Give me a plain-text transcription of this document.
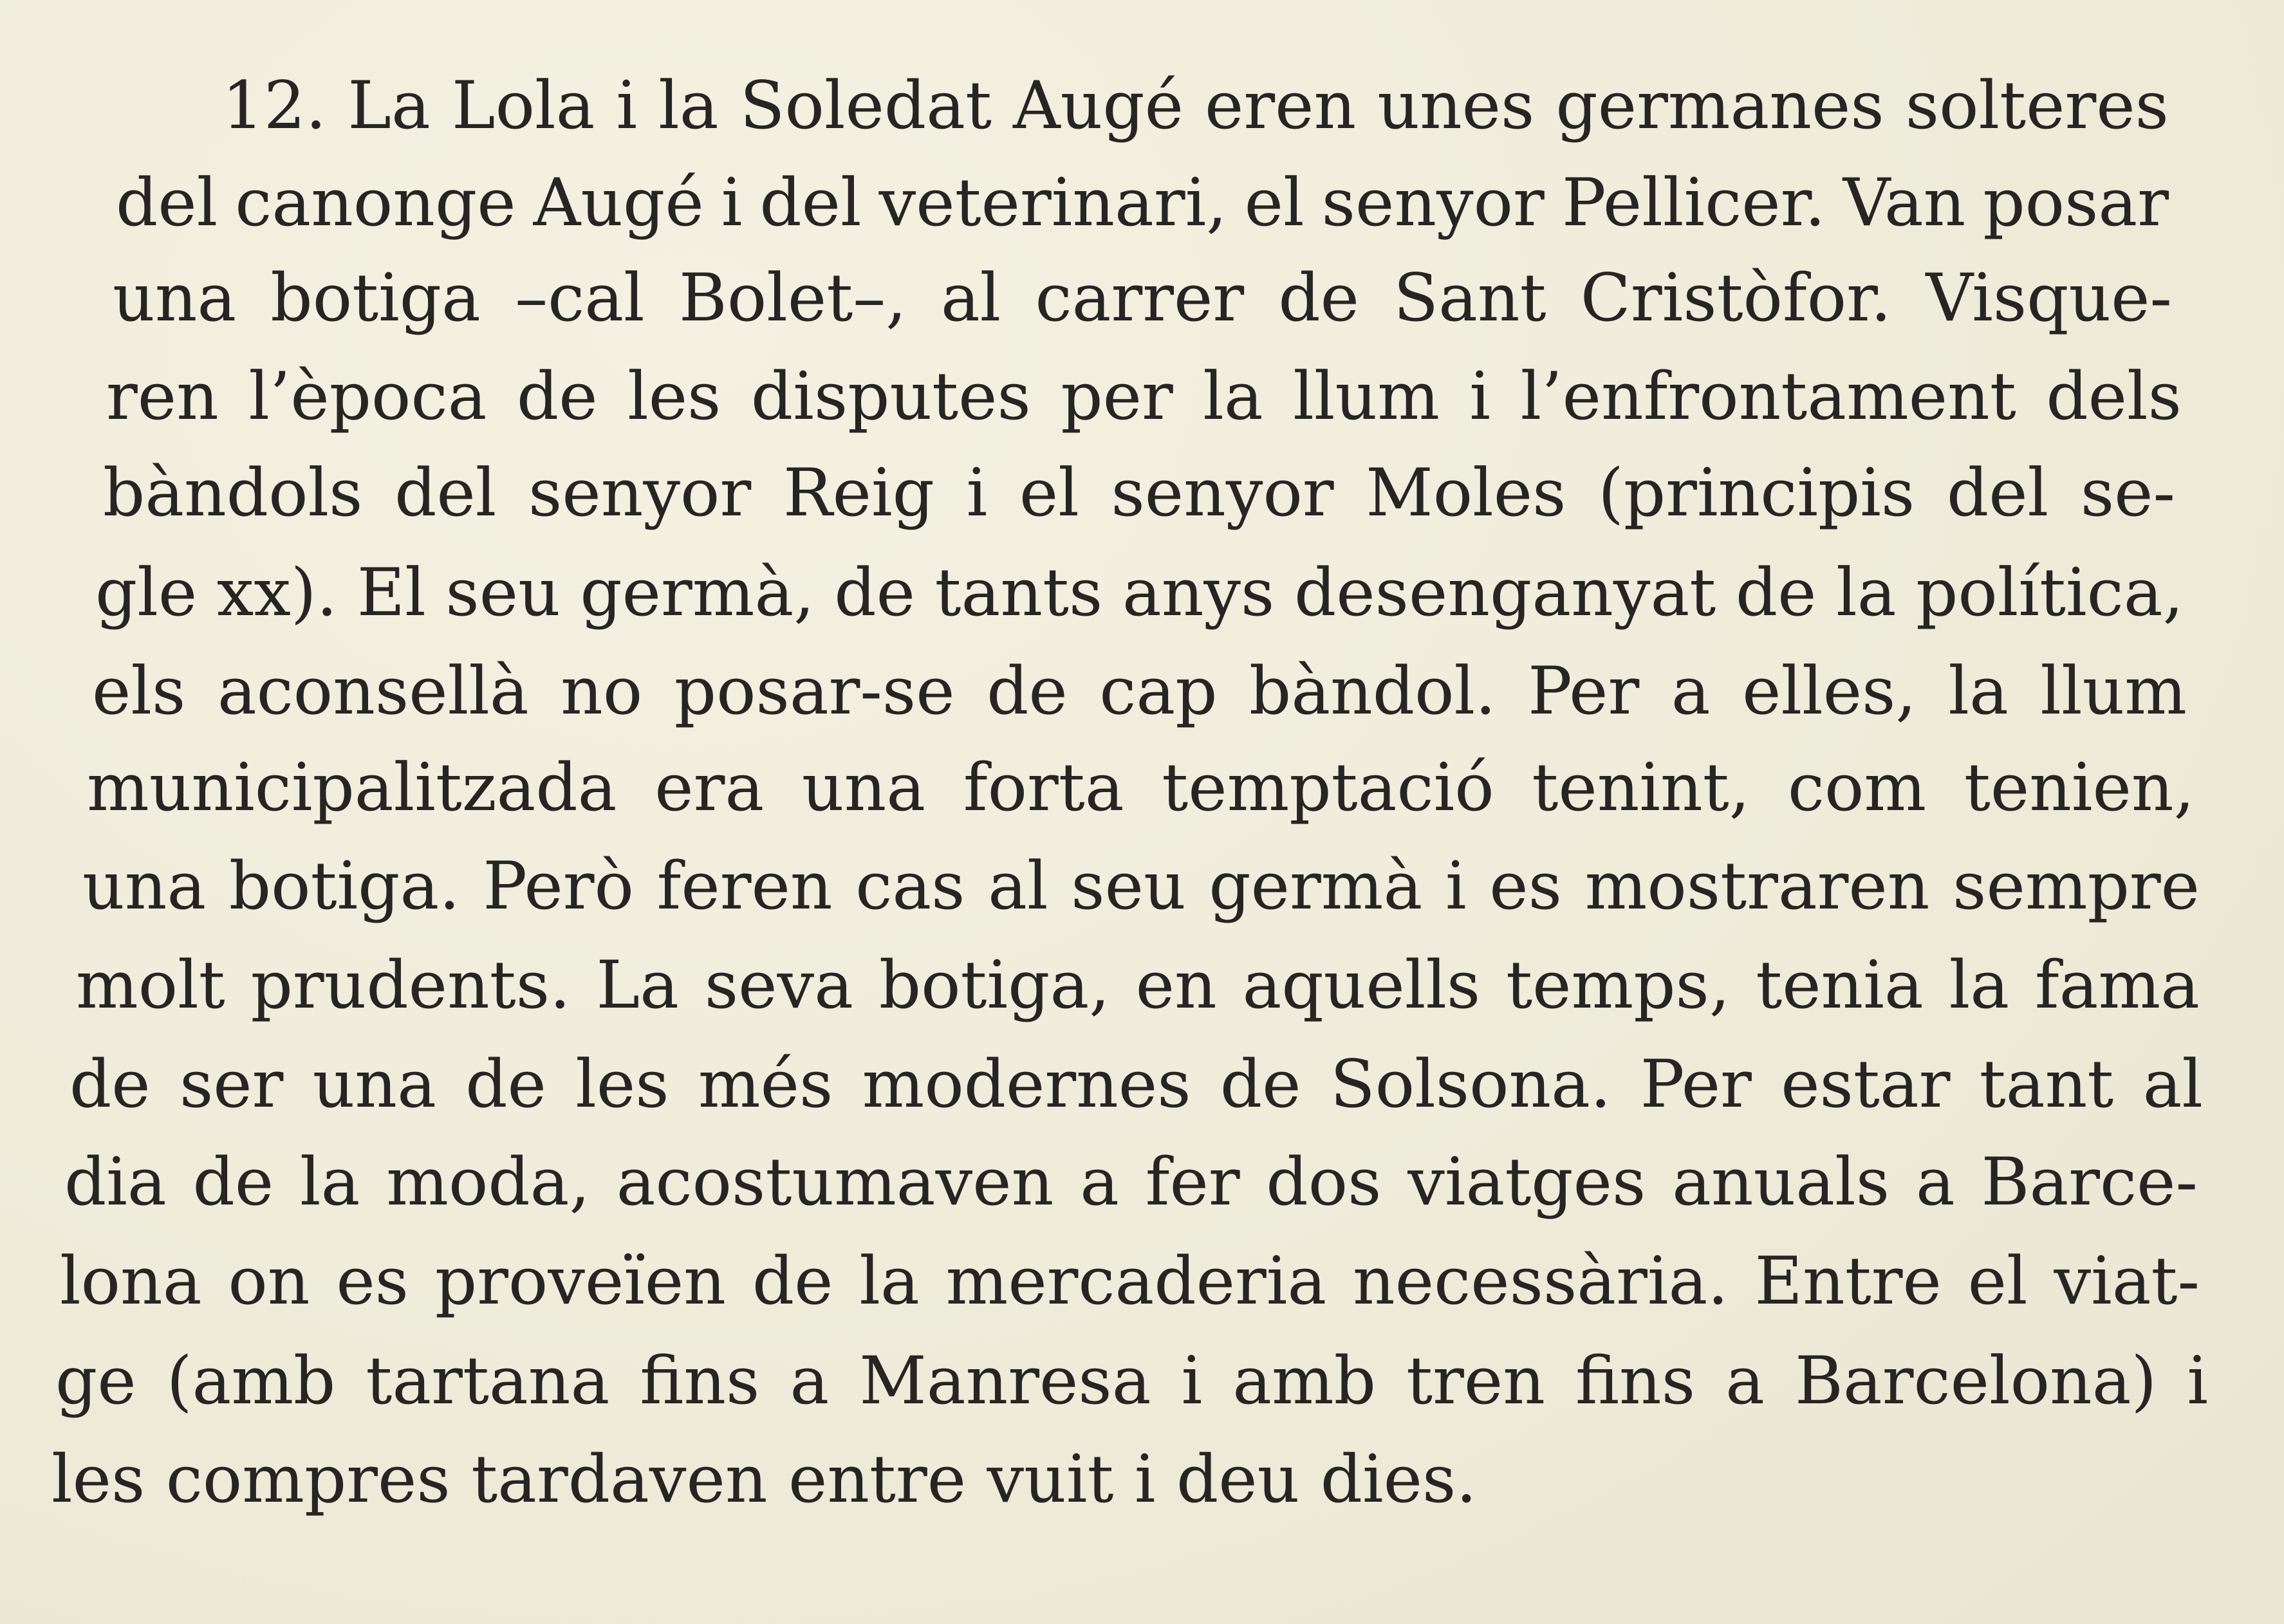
12. La Lola i la Soledat Augé eren unes germanes solteres
del canonge Augé i del veterinari, el senyor Pellicer. Van posar
una botiga –cal Bolet–, al carrer de Sant Cristòfor. Visque-
ren l’època de les disputes per la llum i l’enfrontament dels
bàndols del senyor Reig i el senyor Moles (principis del se-
gle xx). El seu germà, de tants anys desenganyat de la política,
els aconsellà no posar-se de cap bàndol. Per a elles, la llum
municipalitzada era una forta temptació tenint, com tenien,
una botiga. Però feren cas al seu germà i es mostraren sempre
molt prudents. La seva botiga, en aquells temps, tenia la fama
de ser una de les més modernes de Solsona. Per estar tant al
dia de la moda, acostumaven a fer dos viatges anuals a Barce-
lona on es proveïen de la mercaderia necessària. Entre el viat-
ge (amb tartana fins a Manresa i amb tren fins a Barcelona) i
les compres tardaven entre vuit i deu dies.
